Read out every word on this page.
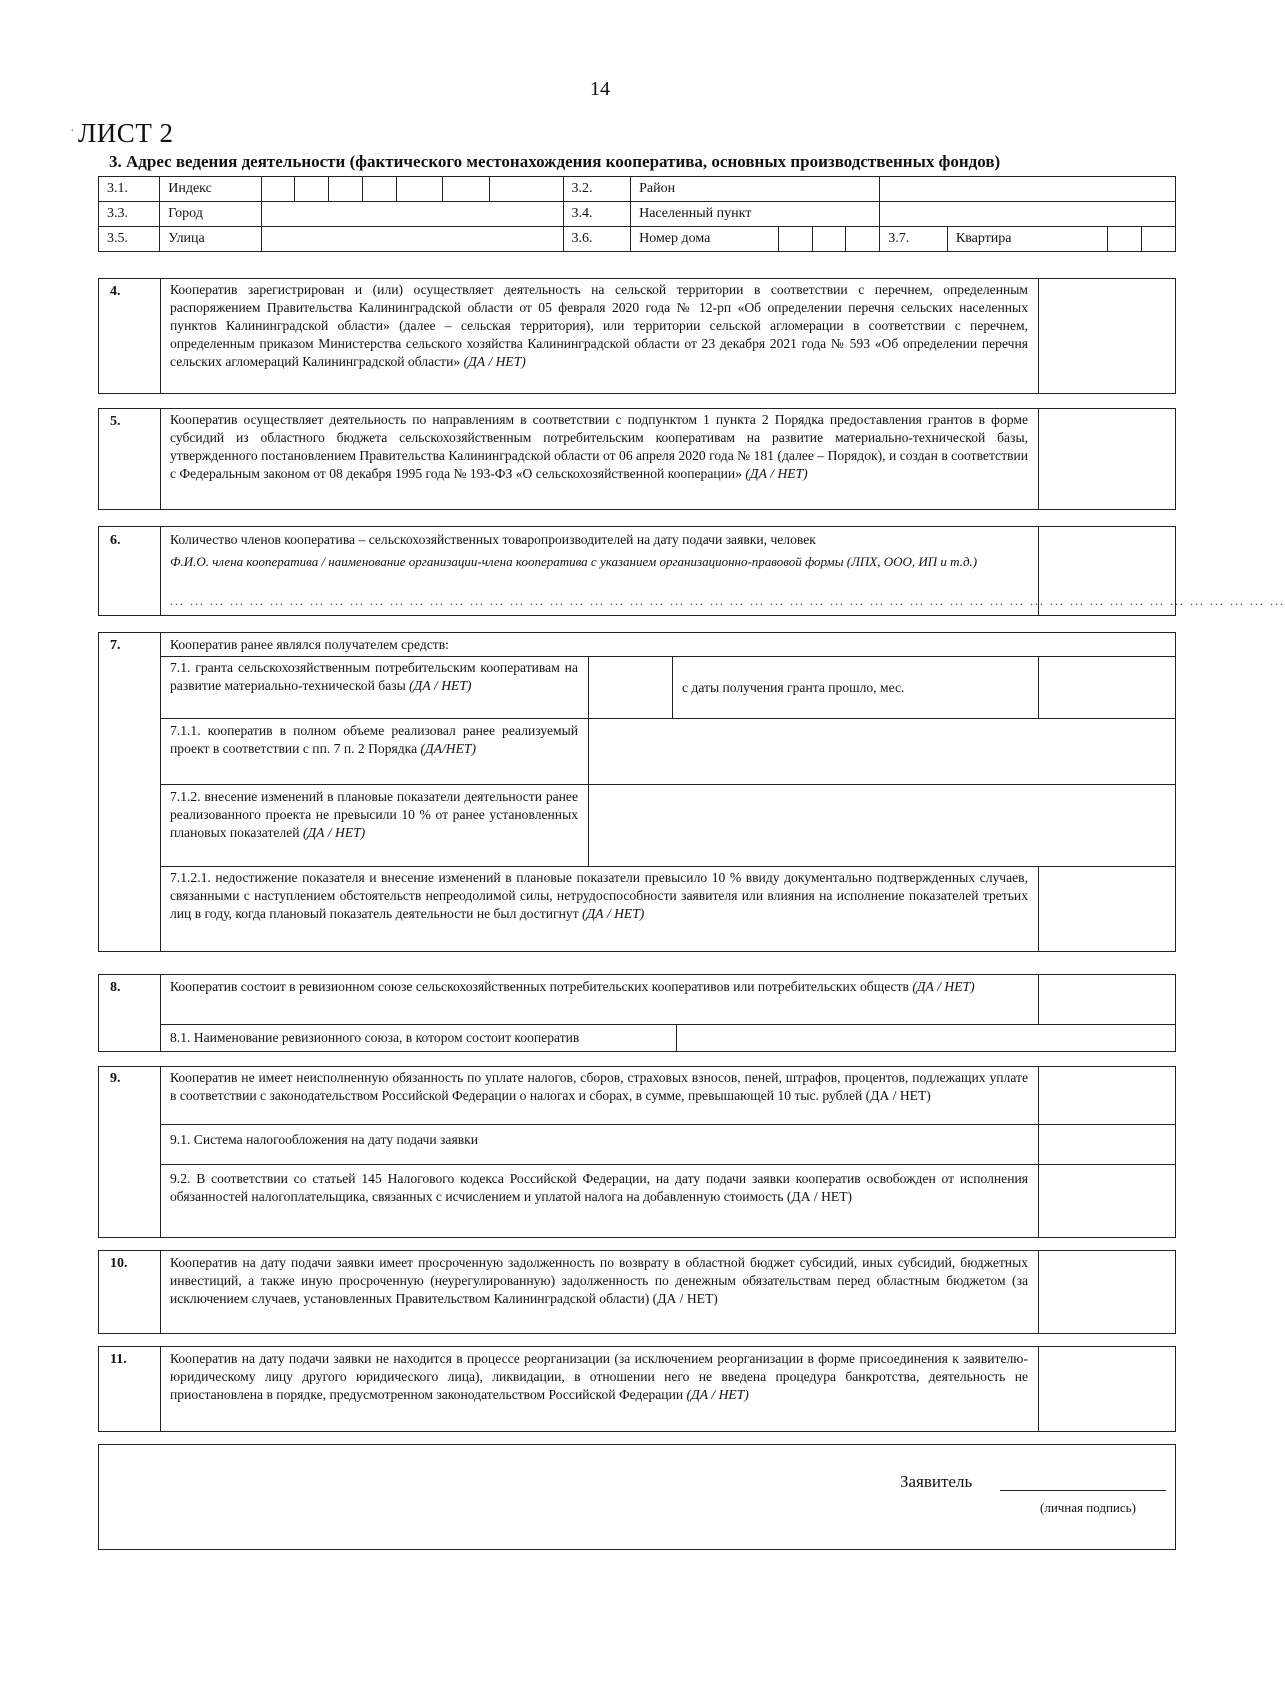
14
· ЛИСТ 2
3. Адрес ведения деятельности (фактического местонахождения кооператива, основных производственных фондов)
3.1.	Индекс								3.2.	Район							
3.3.	Город								3.4.	Населенный пункт							
3.5.	Улица								3.6.	Номер дома				3.7.	Квартира		
4.	Кооператив зарегистрирован и (или) осуществляет деятельность на сельской территории в соответствии с перечнем, определенным распоряжением Правительства Калининградской области от 05 февраля 2020 года № 12-рп «Об определении перечня сельских населенных пунктов Калининградской области» (далее – сельская территория), или территории сельской агломерации в соответствии с перечнем, определенным приказом Министерства сельского хозяйства Калининградской области от 23 декабря 2021 года № 593 «Об определении перечня сельских агломераций Калининградской области» (ДА / НЕТ)
5.	Кооператив осуществляет деятельность по направлениям в соответствии с подпунктом 1 пункта 2 Порядка предоставления грантов в форме субсидий из областного бюджета сельскохозяйственным потребительским кооперативам на развитие материально-технической базы, утвержденного постановлением Правительства Калининградской области от 06 апреля 2020 года № 181 (далее – Порядок), и создан в соответствии с Федеральным законом от 08 декабря 1995 года № 193-ФЗ «О сельскохозяйственной кооперации» (ДА / НЕТ)
6.	Количество членов кооператива – сельскохозяйственных товаропроизводителей на дату подачи заявки, человек
Ф.И.О. члена кооператива / наименование организации-члена кооператива с указанием организационно-правовой формы (ЛПХ, ООО, ИП и т.д.)
... ... ... ... ... ... ... ... ... ... ... ... ... ... ... ... ... ... ... ... ... ... ... ... ... ... ... ... ... ... ... ... ... ... ... ... ... ... ... ... ... ... ... ... ... ... ... ... ... ... ... ... ... ... ... ...
7.	Кооператив ранее являлся получателем средств:
7.1. гранта сельскохозяйственным потребительским кооперативам на развитие материально-технической базы (ДА / НЕТ)	с даты получения гранта прошло, мес.
7.1.1. кооператив в полном объеме реализовал ранее реализуемый проект в соответствии с пп. 7 п. 2 Порядка (ДА/НЕТ)
7.1.2. внесение изменений в плановые показатели деятельности ранее реализованного проекта не превысили 10 % от ранее установленных плановых показателей (ДА / НЕТ)
7.1.2.1. недостижение показателя и внесение изменений в плановые показатели превысило 10 % ввиду документально подтвержденных случаев, связанными с наступлением обстоятельств непреодолимой силы, нетрудоспособности заявителя или влияния на исполнение показателей третьих лиц в году, когда плановый показатель деятельности не был достигнут (ДА / НЕТ)
8.	Кооператив состоит в ревизионном союзе сельскохозяйственных потребительских кооперативов или потребительских обществ (ДА / НЕТ)
8.1. Наименование ревизионного союза, в котором состоит кооператив
9.	Кооператив не имеет неисполненную обязанность по уплате налогов, сборов, страховых взносов, пеней, штрафов, процентов, подлежащих уплате в соответствии с законодательством Российской Федерации о налогах и сборах, в сумме, превышающей 10 тыс. рублей (ДА / НЕТ)
9.1. Система налогообложения на дату подачи заявки
9.2. В соответствии со статьей 145 Налогового кодекса Российской Федерации, на дату подачи заявки кооператив освобожден от исполнения обязанностей налогоплательщика, связанных с исчислением и уплатой налога на добавленную стоимость (ДА / НЕТ)
10.	Кооператив на дату подачи заявки имеет просроченную задолженность по возврату в областной бюджет субсидий, иных субсидий, бюджетных инвестиций, а также иную просроченную (неурегулированную) задолженность по денежным обязательствам перед областным бюджетом (за исключением случаев, установленных Правительством Калининградской области) (ДА / НЕТ)
11.	Кооператив на дату подачи заявки не находится в процессе реорганизации (за исключением реорганизации в форме присоединения к заявителю-юридическому лицу другого юридического лица), ликвидации, в отношении него не введена процедура банкротства, деятельность не приостановлена в порядке, предусмотренном законодательством Российской Федерации (ДА / НЕТ)
Заявитель
(личная подпись)
